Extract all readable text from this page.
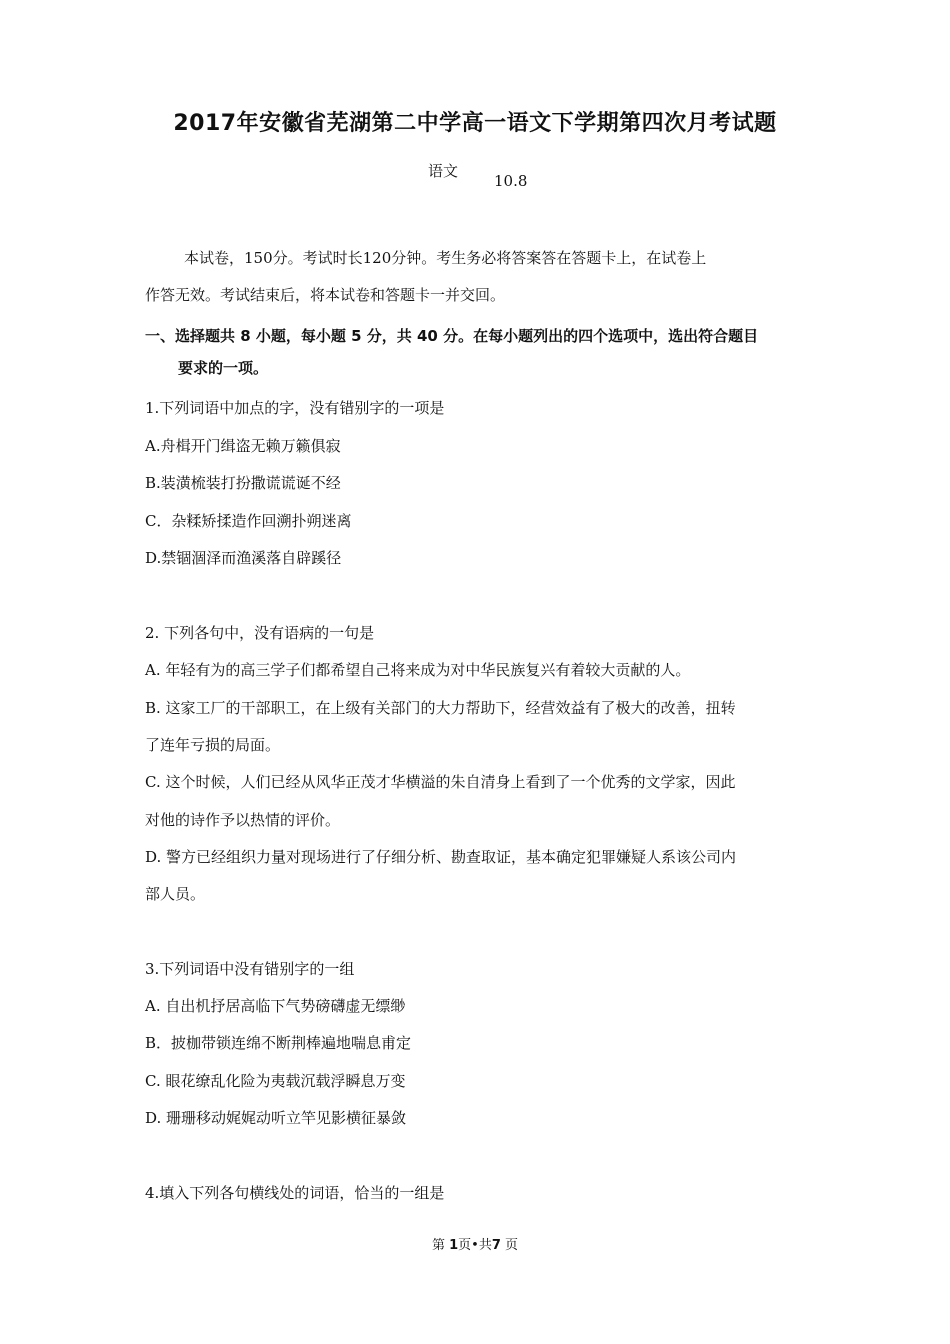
2017年安徽省芜湖第二中学高一语文下学期第四次月考试题
语文
10.8
本试卷，150分。考试时长120分钟。考生务必将答案答在答题卡上，在试卷上
作答无效。考试结束后，将本试卷和答题卡一并交回。
一、选择题共 8 小题，每小题 5 分，共 40 分。在每小题列出的四个选项中，选出符合题目
要求的一项。
1.下列词语中加点的字，没有错别字的一项是
A.舟楫开门缉盗无赖万籁俱寂
B.装潢梳装打扮撒谎谎诞不经
C．杂糅矫揉造作回溯扑朔迷离
D.禁锢涸泽而渔溪落自辟蹊径
2. 下列各句中，没有语病的一句是
A. 年轻有为的高三学子们都希望自己将来成为对中华民族复兴有着较大贡献的人。
B. 这家工厂的干部职工，在上级有关部门的大力帮助下，经营效益有了极大的改善，扭转
了连年亏损的局面。
C. 这个时候，人们已经从风华正茂才华横溢的朱自清身上看到了一个优秀的文学家，因此
对他的诗作予以热情的评价。
D. 警方已经组织力量对现场进行了仔细分析、勘查取证，基本确定犯罪嫌疑人系该公司内
部人员。
3.下列词语中没有错别字的一组
A. 自出机抒居高临下气势磅礴虚无缥缈
B．披枷带锁连绵不断荆棒遍地喘息甫定
C. 眼花缭乱化险为夷载沉载浮瞬息万变
D. 珊珊移动娓娓动听立竿见影横征暴敛
4.填入下列各句横线处的词语，恰当的一组是
第 1页•共7 页
